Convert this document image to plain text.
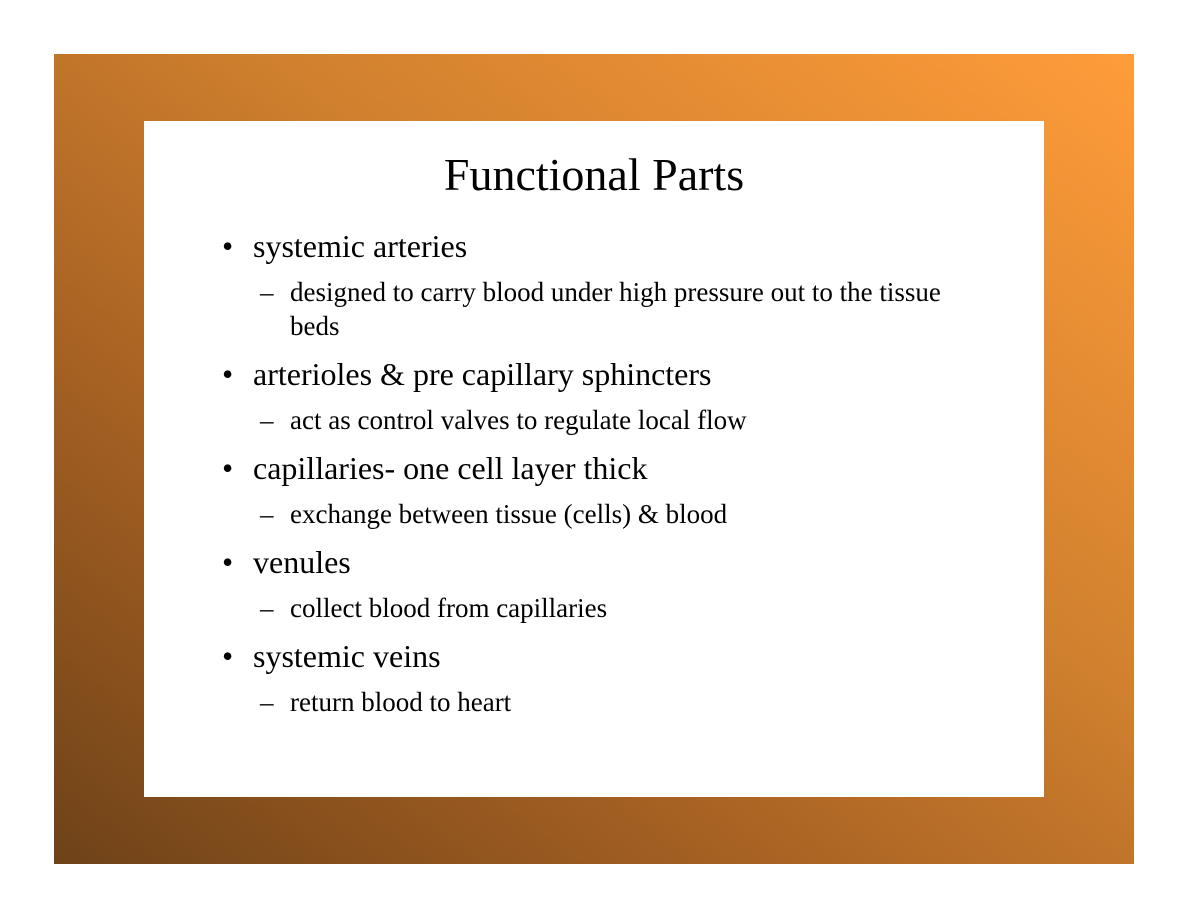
Functional Parts
• systemic arteries
– designed to carry blood under high pressure out to the tissue beds
• arterioles & pre capillary sphincters
– act as control valves to regulate local flow
• capillaries- one cell layer thick
– exchange between tissue (cells) & blood
• venules
– collect blood from capillaries
• systemic veins
– return blood to heart
